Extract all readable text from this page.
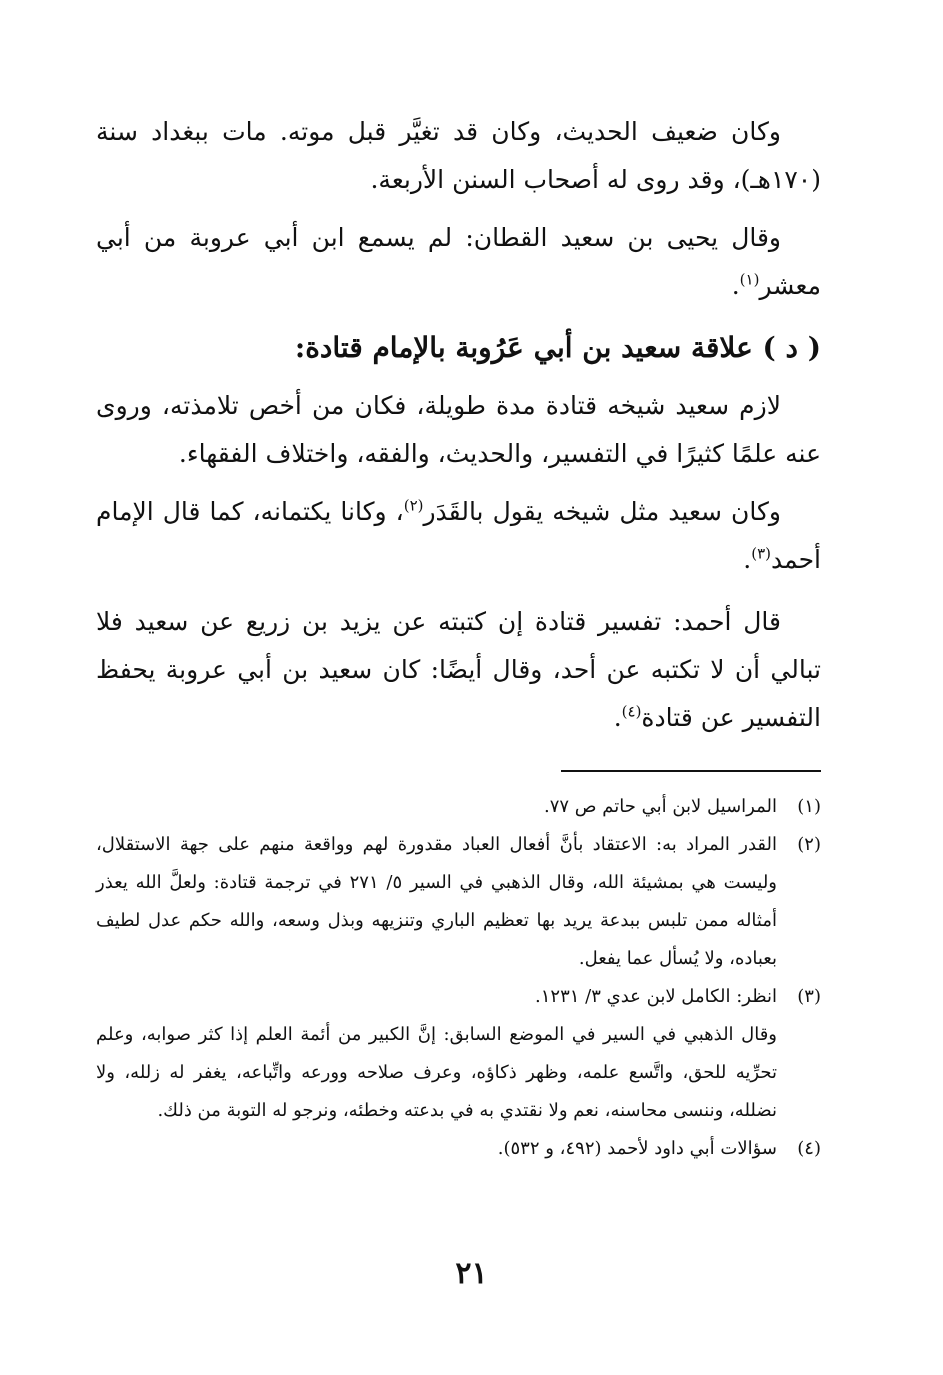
وكان ضعيف الحديث، وكان قد تغيَّر قبل موته. مات ببغداد سنة (١٧٠هـ)، وقد روى له أصحاب السنن الأربعة.

وقال يحيى بن سعيد القطان: لم يسمع ابن أبي عروبة من أبي معشر$^{(١)}$.

( د ) علاقة سعيد بن أبي عَرُوبة بالإمام قتادة:

لازم سعيد شيخه قتادة مدة طويلة، فكان من أخص تلامذته، وروى عنه علمًا كثيرًا في التفسير، والحديث، والفقه، واختلاف الفقهاء.

وكان سعيد مثل شيخه يقول بالقَدَر$^{(٢)}$، وكانا يكتمانه، كما قال الإمام أحمد$^{(٣)}$.

قال أحمد: تفسير قتادة إن كتبته عن يزيد بن زريع عن سعيد فلا تبالي أن لا تكتبه عن أحد، وقال أيضًا: كان سعيد بن أبي عروبة يحفظ التفسير عن قتادة$^{(٤)}$.

(١)
المراسيل لابن أبي حاتم ص ٧٧.
(٢)
القدر المراد به: الاعتقاد بأنَّ أفعال العباد مقدورة لهم وواقعة منهم على جهة الاستقلال، وليست هي بمشيئة الله، وقال الذهبي في السير ٥/ ٢٧١ في ترجمة قتادة: ولعلَّ الله يعذر أمثاله ممن تلبس ببدعة يريد بها تعظيم الباري وتنزيهه وبذل وسعه، والله حكم عدل لطيف بعباده، ولا يُسأل عما يفعل.
(٣)
انظر: الكامل لابن عدي ٣/ ١٢٣١.

وقال الذهبي في السير في الموضع السابق: إنَّ الكبير من أئمة العلم إذا كثر صوابه، وعلم تحرِّيه للحق، واتَّسع علمه، وظهر ذكاؤه، وعرف صلاحه وورعه واتِّباعه، يغفر له زلله، ولا نضلله، وننسى محاسنه، نعم ولا نقتدي به في بدعته وخطئه، ونرجو له التوبة من ذلك.

(٤)
سؤالات أبي داود لأحمد (٤٩٢، و ٥٣٢).
٢١
